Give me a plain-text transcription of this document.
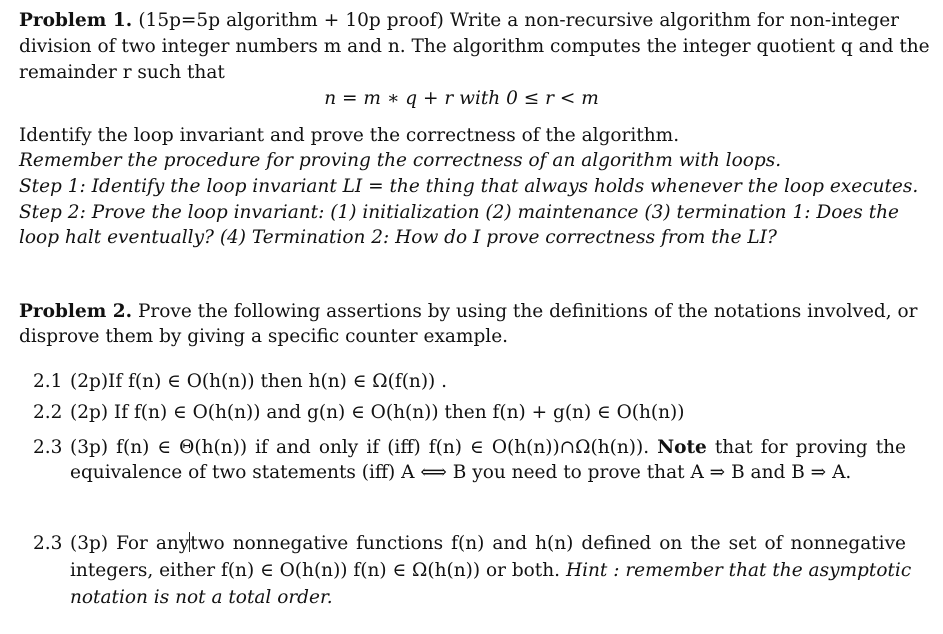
Problem 1. (15p=5p algorithm + 10p proof) Write a non-recursive algorithm for non-integer
division of two integer numbers m and n. The algorithm computes the integer quotient q and the
remainder r such that
n = m ∗ q + r with 0 ≤ r < m
Identify the loop invariant and prove the correctness of the algorithm.
Remember the procedure for proving the correctness of an algorithm with loops.
Step 1: Identify the loop invariant LI = the thing that always holds whenever the loop executes.
Step 2: Prove the loop invariant: (1) initialization (2) maintenance (3) termination 1: Does the
loop halt eventually? (4) Termination 2: How do I prove correctness from the LI?
Problem 2. Prove the following assertions by using the definitions of the notations involved, or
disprove them by giving a specific counter example.
2.1 (2p)If f(n) ∈ O(h(n)) then h(n) ∈ Ω(f(n)) .
2.2 (2p) If f(n) ∈ O(h(n)) and g(n) ∈ O(h(n)) then f(n) + g(n) ∈ O(h(n))
2.3 (3p) f(n) ∈ Θ(h(n)) if and only if (iff) f(n) ∈ O(h(n))∩Ω(h(n)). Note that for proving the
equivalence of two statements (iff) A ⟺ B you need to prove that A ⇒ B and B ⇒ A.
2.3 (3p) For anytwo nonnegative functions f(n) and h(n) defined on the set of nonnegative
integers, either f(n) ∈ O(h(n)) f(n) ∈ Ω(h(n)) or both. Hint : remember that the asymptotic
notation is not a total order.
